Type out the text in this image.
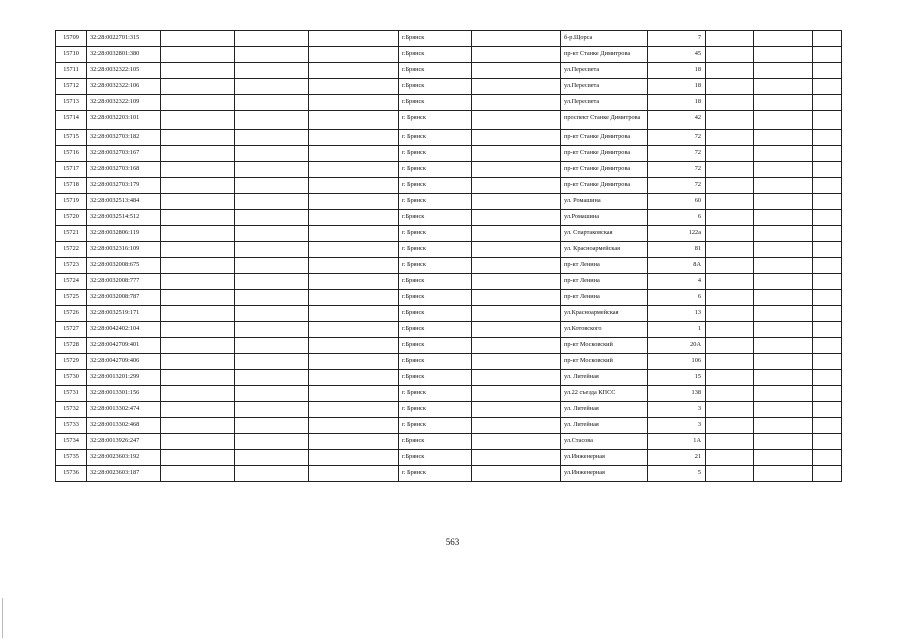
15709	32:28:0022701:315				г.Брянск		б-р.Щорса	7			
15710	32:28:0032801:380				г.Брянск		пр-кт Станке Димитрова	45			
15711	32:28:0032322:105				г.Брянск		ул.Пересвета	18			
15712	32:28:0032322:106				г.Брянск		ул.Пересвета	18			
15713	32:28:0032322:109				г.Брянск		ул.Пересвета	18			
15714	32:28:0032203:101				г. Брянск		проспект Станке Димитрова	42			
15715	32:28:0032703:182				г. Брянск		пр-кт Станке Димитрова	72			
15716	32:28:0032703:167				г. Брянск		пр-кт Станке Димитрова	72			
15717	32:28:0032703:168				г. Брянск		пр-кт Станке Димитрова	72			
15718	32:28:0032703:179				г. Брянск		пр-кт Станке Димитрова	72			
15719	32:28:0032513:484				г. Брянск		ул. Ромашина	60			
15720	32:28:0032514:512				г.Брянск		ул.Ромашина	6			
15721	32:28:0032806:119				г. Брянск		ул. Спартаковская	122а			
15722	32:28:0032316:109				г. Брянск		ул. Красноармейская	81			
15723	32:28:0032008:675				г. Брянск		пр-кт Ленина	8А			
15724	32:28:0032008:777				г.Брянск		пр-кт Ленина	4			
15725	32:28:0032008:787				г.Брянск		пр-кт Ленина	6			
15726	32:28:0032519:171				г.Брянск		ул.Красноармейская	13			
15727	32:28:0042402:104				г.Брянск		ул.Котовского	1			
15728	32:28:0042709:401				г.Брянск		пр-кт Московский	20А			
15729	32:28:0042709:406				г.Брянск		пр-кт Московский	106			
15730	32:28:0013201:299				г.Брянск		ул. Литейная	15			
15731	32:28:0013301:156				г. Брянск		ул.22 съезда КПСС	138			
15732	32:28:0013302:474				г. Брянск		ул. Литейная	3			
15733	32:28:0013302:468				г. Брянск		ул. Литейная	3			
15734	32:28:0013926:247				г.Брянск		ул.Стасова	1А			
15735	32:28:0023603:192				г.Брянск		ул.Инженерная	21			
15736	32:28:0023603:187				г. Брянск		ул.Инженерная	5			
563
